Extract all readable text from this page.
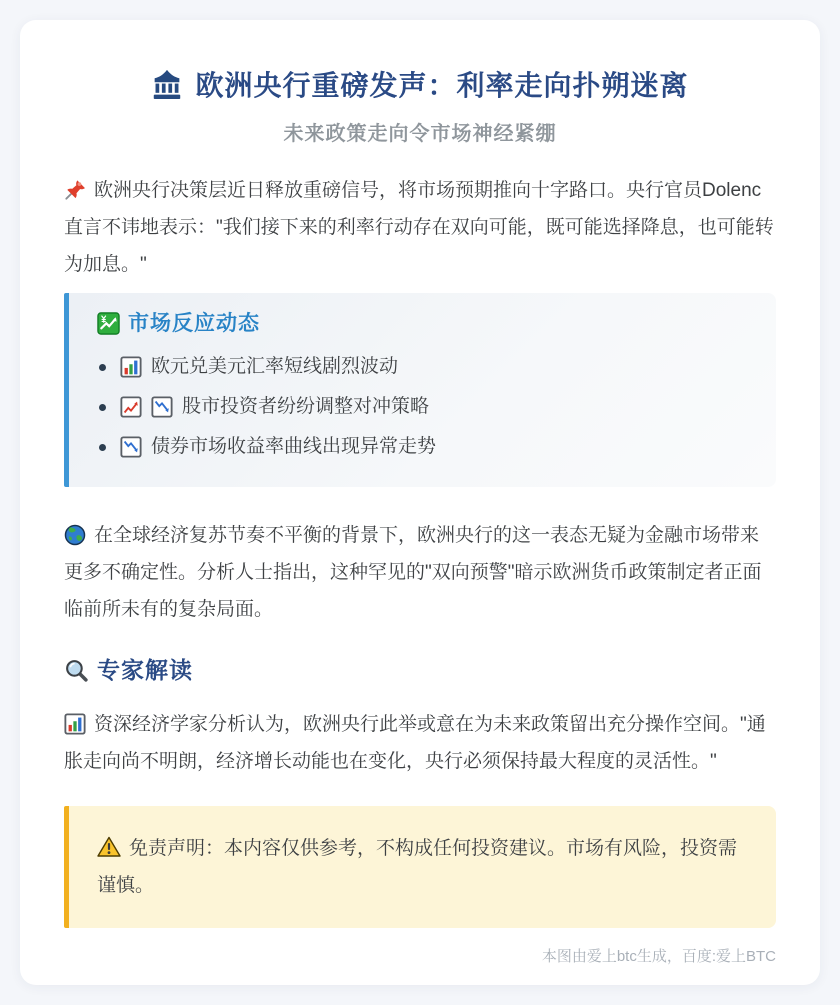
欧洲央行重磅发声：利率走向扑朔迷离
未来政策走向令市场神经紧绷

欧洲央行决策层近日释放重磅信号，将市场预期推向十字路口。央行官员Dolenc直言不讳地表示："我们接下来的利率行动存在双向可能，既可能选择降息，也可能转为加息。"

市场反应动态
欧元兑美元汇率短线剧烈波动
股市投资者纷纷调整对冲策略
债券市场收益率曲线出现异常走势

在全球经济复苏节奏不平衡的背景下，欧洲央行的这一表态无疑为金融市场带来更多不确定性。分析人士指出，这种罕见的"双向预警"暗示欧洲货币政策制定者正面临前所未有的复杂局面。

专家解读

资深经济学家分析认为，欧洲央行此举或意在为未来政策留出充分操作空间。"通胀走向尚不明朗，经济增长动能也在变化，央行必须保持最大程度的灵活性。"

免责声明：本内容仅供参考，不构成任何投资建议。市场有风险，投资需谨慎。
本图由爱上btc生成，百度:爱上BTC
